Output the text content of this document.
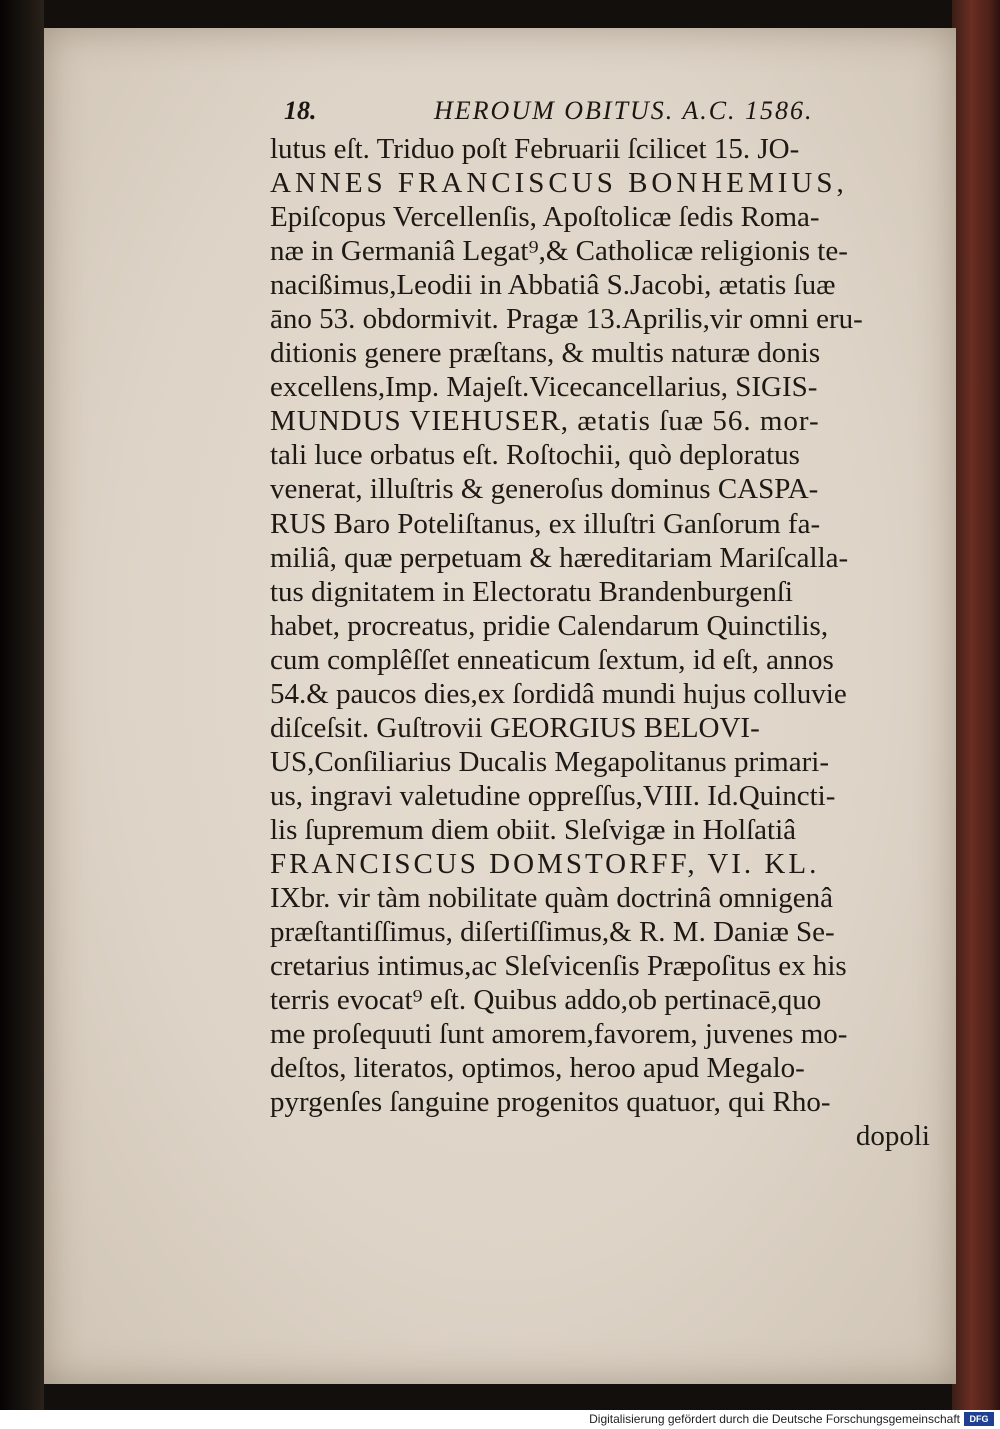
18.	HEROUM OBITUS. A.C. 1586.
lutus eſt. Triduo poſt Februarii ſcilicet 15. JO-
ANNES FRANCISCUS BONHEMIUS,
Epiſcopus Vercellenſis, Apoſtolicæ ſedis Roma-
næ in Germaniâ Legat⁹,& Catholicæ religionis te-
nacißimus,Leodii in Abbatiâ S.Jacobi, ætatis ſuæ
āno 53. obdormivit. Pragæ 13.Aprilis,vir omni eru-
ditionis genere præſtans, & multis naturæ donis
excellens,Imp. Majeſt.Vicecancellarius, SIGIS-
MUNDUS VIEHUSER, ætatis ſuæ 56. mor-
tali luce orbatus eſt. Roſtochii, quò deploratus
venerat, illuſtris & generoſus dominus CASPA-
RUS Baro Poteliſtanus, ex illuſtri Ganſorum fa-
miliâ, quæ perpetuam & hæreditariam Mariſcalla-
tus dignitatem in Electoratu Brandenburgenſi
habet, procreatus, pridie Calendarum Quinctilis,
cum complêſſet enneaticum ſextum, id eſt, annos
54.& paucos dies,ex ſordidâ mundi hujus colluvie
diſceſsit. Guſtrovii GEORGIUS BELOVI-
US,Conſiliarius Ducalis Megapolitanus primari-
us, ingravi valetudine oppreſſus,VIII. Id.Quincti-
lis ſupremum diem obiit. Sleſvigæ in Holſatiâ
FRANCISCUS DOMSTORFF, VI. KL.
IXbr. vir tàm nobilitate quàm doctrinâ omnigenâ
præſtantiſſimus, diſertiſſimus,& R. M. Daniæ Se-
cretarius intimus,ac Sleſvicenſis Præpoſitus ex his
terris evocat⁹ eſt. Quibus addo,ob pertinacē,quo
me proſequuti ſunt amorem,favorem, juvenes mo-
deſtos, literatos, optimos, heroo apud Megalo-
pyrgenſes ſanguine progenitos quatuor, qui Rho-
dopoli
Digitalisierung gefördert durch die Deutsche Forschungsgemeinschaft	DFG
